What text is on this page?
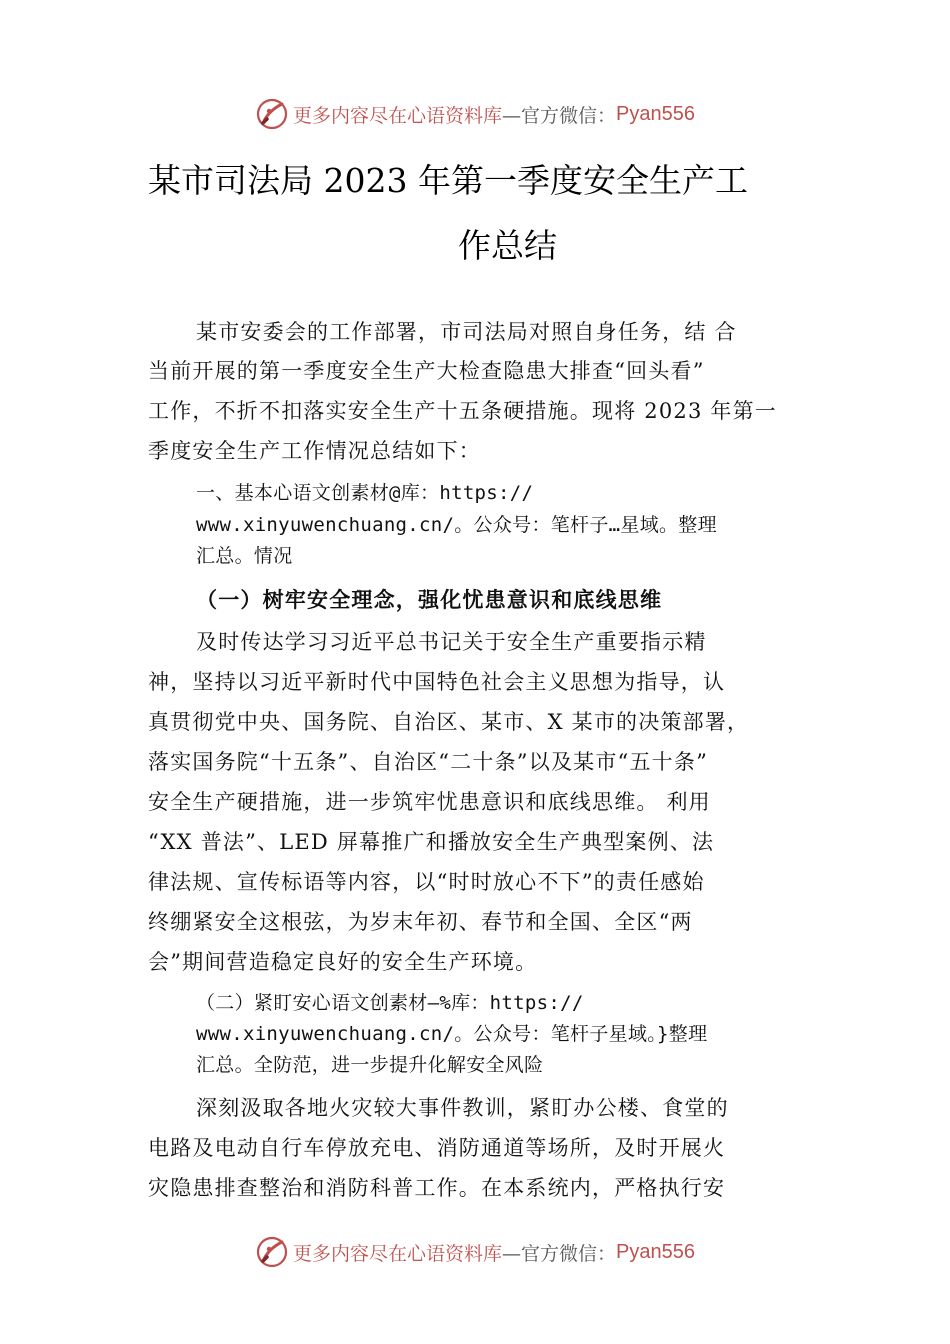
更多内容尽在心语资料库 —官方微信： Pyan556
某市司法局 2023 年第一季度安全生产工
作总结
某市安委会的工作部署，市司法局对照自身任务，结 合
当前开展的第一季度安全生产大检查隐患大排查“回头看”
工作，不折不扣落实安全生产十五条硬措施。现将 2023 年第一
季度安全生产工作情况总结如下：
一、基本心语文创素材@库：https://
www.xinyuwenchuang.cn/。公众号：笔杆子…星域。整理
汇总。情况
（一）树牢安全理念，强化忧患意识和底线思维
及时传达学习习近平总书记关于安全生产重要指示精
神，坚持以习近平新时代中国特色社会主义思想为指导，认
真贯彻党中央、国务院、自治区、某市、X 某市的决策部署，
落实国务院“十五条”、自治区“二十条”以及某市“五十条”
安全生产硬措施，进一步筑牢忧患意识和底线思维。 利用
“XX 普法”、LED 屏幕推广和播放安全生产典型案例、法
律法规、宣传标语等内容，以“时时放心不下”的责任感始
终绷紧安全这根弦，为岁末年初、春节和全国、全区“两
会”期间营造稳定良好的安全生产环境。
（二）紧盯安心语文创素材—%库：https://
www.xinyuwenchuang.cn/。公众号：笔杆子星域。}整理
汇总。全防范，进一步提升化解安全风险
深刻汲取各地火灾较大事件教训，紧盯办公楼、食堂的
电路及电动自行车停放充电、消防通道等场所，及时开展火
灾隐患排查整治和消防科普工作。在本系统内，严格执行安
更多内容尽在心语资料库 —官方微信： Pyan556
